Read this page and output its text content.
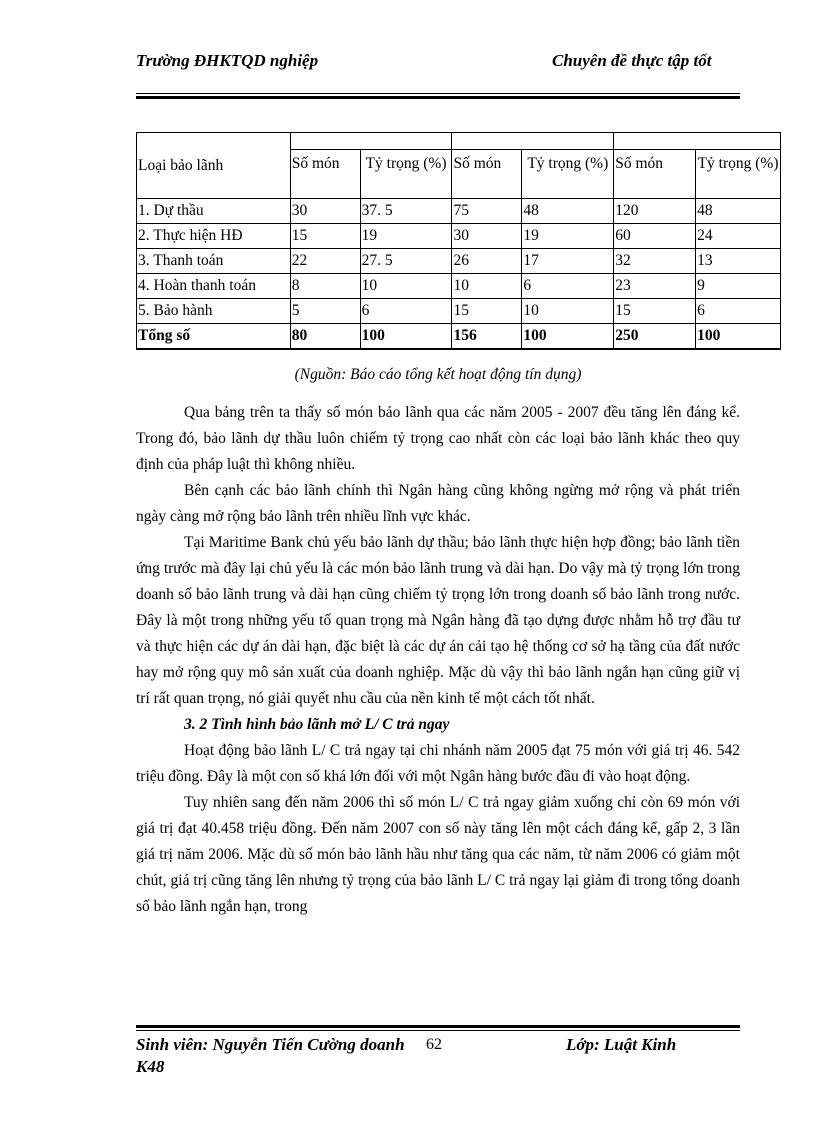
Trường ĐHKTQD nghiệp	Chuyên đề thực tập tốt
Loại bảo lãnh						
	Số món	Tỷ trọng (%)	Số món	Tỷ trọng (%)	Số món	Tỷ trọng (%)
1. Dự thầu	30	37. 5	75	48	120	48
2. Thực hiện HĐ	15	19	30	19	60	24
3. Thanh toán	22	27. 5	26	17	32	13
4. Hoàn thanh toán	8	10	10	6	23	9
5. Bảo hành	5	6	15	10	15	6
Tổng số	80	100	156	100	250	100
(Nguồn: Báo cáo tổng kết hoạt động tín dụng)

Qua bảng trên ta thấy số món bảo lãnh qua các năm 2005 - 2007 đều tăng lên đáng kể. Trong đó, bảo lãnh dự thầu luôn chiếm tỷ trọng cao nhất còn các loại bảo lãnh khác theo quy định của pháp luật thì không nhiều.

Bên cạnh các bảo lãnh chính thì Ngân hàng cũng không ngừng mở rộng và phát triển ngày càng mở rộng bảo lãnh trên nhiều lĩnh vực khác.

Tại Maritime Bank chủ yếu bảo lãnh dự thầu; bảo lãnh thực hiện hợp đồng; bảo lãnh tiền ứng trước mà đây lại chủ yếu là các món bảo lãnh trung và dài hạn. Do vậy mà tỷ trọng lớn trong doanh số bảo lãnh trung và dài hạn cũng chiếm tỷ trọng lớn trong doanh số bảo lãnh trong nước. Đây là một trong những yếu tố quan trọng mà Ngân hàng đã tạo dựng được nhằm hỗ trợ đầu tư và thực hiện các dự án dài hạn, đặc biệt là các dự án cải tạo hệ thống cơ sở hạ tầng của đất nước hay mở rộng quy mô sản xuất của doanh nghiệp. Mặc dù vậy thì bảo lãnh ngắn hạn cũng giữ vị trí rất quan trọng, nó giải quyết nhu cầu của nền kinh tế một cách tốt nhất.

3. 2 Tình hình bảo lãnh mở L/ C trả ngay

Hoạt động bảo lãnh L/ C trả ngay tại chi nhánh năm 2005 đạt 75 món với giá trị 46. 542 triệu đồng. Đây là một con số khá lớn đối với một Ngân hàng bước đầu đi vào hoạt động.

Tuy nhiên sang đến năm 2006 thì số món L/ C trả ngay giảm xuống chỉ còn 69 món với giá trị đạt 40.458 triệu đồng. Đến năm 2007 con số này tăng lên một cách đáng kể, gấp 2, 3 lần giá trị năm 2006. Mặc dù số món bảo lãnh hầu như tăng qua các năm, từ năm 2006 có giảm một chút, giá trị cũng tăng lên nhưng tỷ trọng của bảo lãnh L/ C trả ngay lại giảm đi trong tổng doanh số bảo lãnh ngắn hạn, trong

Sinh viên: Nguyễn Tiến Cường doanh K48
62	Lớp: Luật Kinh
